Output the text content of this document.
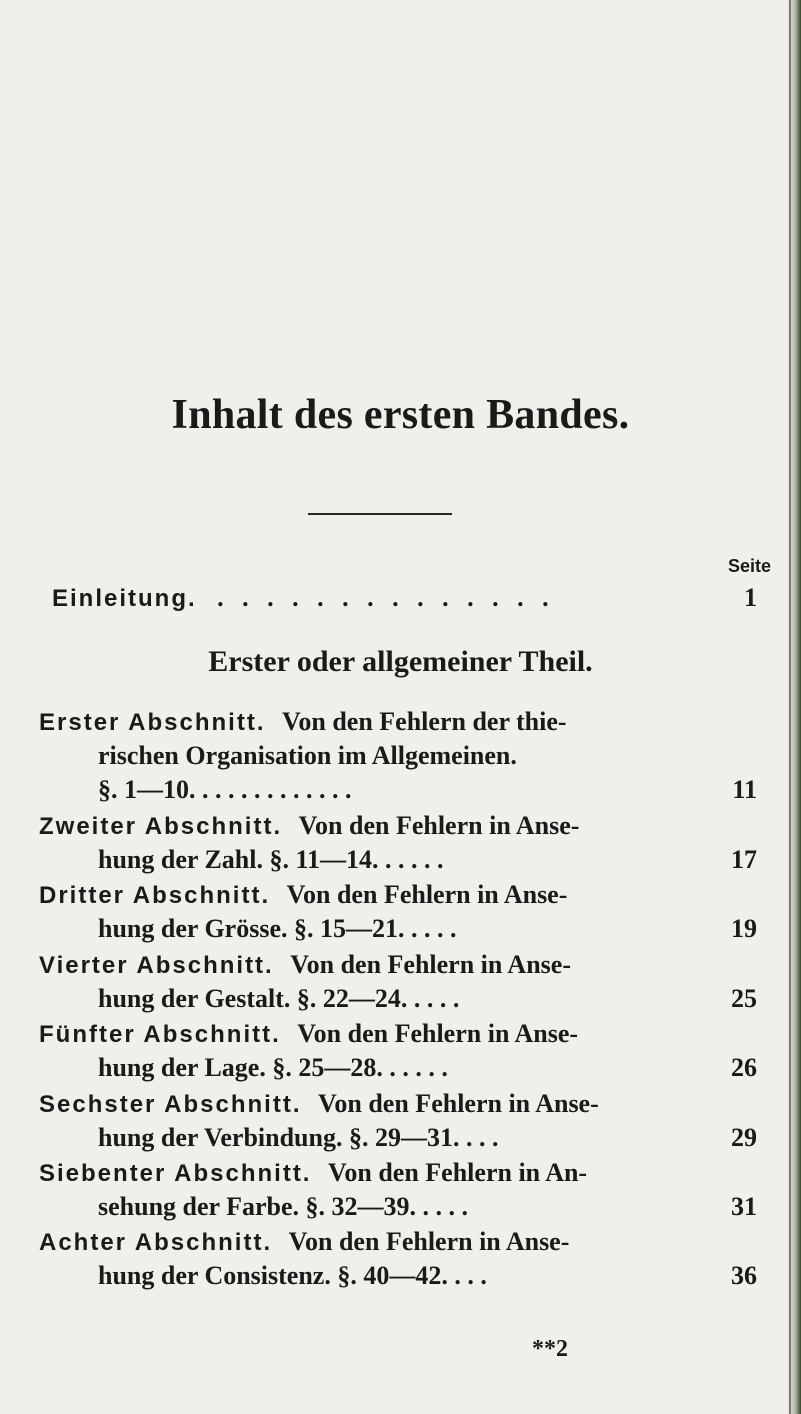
Inhalt des ersten Bandes.
Seite
Einleitung. . . . . . . . . . . . . . .	1
Erster oder allgemeiner Theil.
Erster Abschnitt. Von den Fehlern der thie-
rischen Organisation im Allgemeinen.
§. 1—10. . . . . . . . . . . . .	11
Zweiter Abschnitt. Von den Fehlern in Anse-
hung der Zahl. §. 11—14. . . . . .	17
Dritter Abschnitt. Von den Fehlern in Anse-
hung der Grösse. §. 15—21. . . . .	19
Vierter Abschnitt. Von den Fehlern in Anse-
hung der Gestalt. §. 22—24. . . . .	25
Fünfter Abschnitt. Von den Fehlern in Anse-
hung der Lage. §. 25—28. . . . . .	26
Sechster Abschnitt. Von den Fehlern in Anse-
hung der Verbindung. §. 29—31. . . .	29
Siebenter Abschnitt. Von den Fehlern in An-
sehung der Farbe. §. 32—39. . . . .	31
Achter Abschnitt. Von den Fehlern in Anse-
hung der Consistenz. §. 40—42. . . .	36
**2
